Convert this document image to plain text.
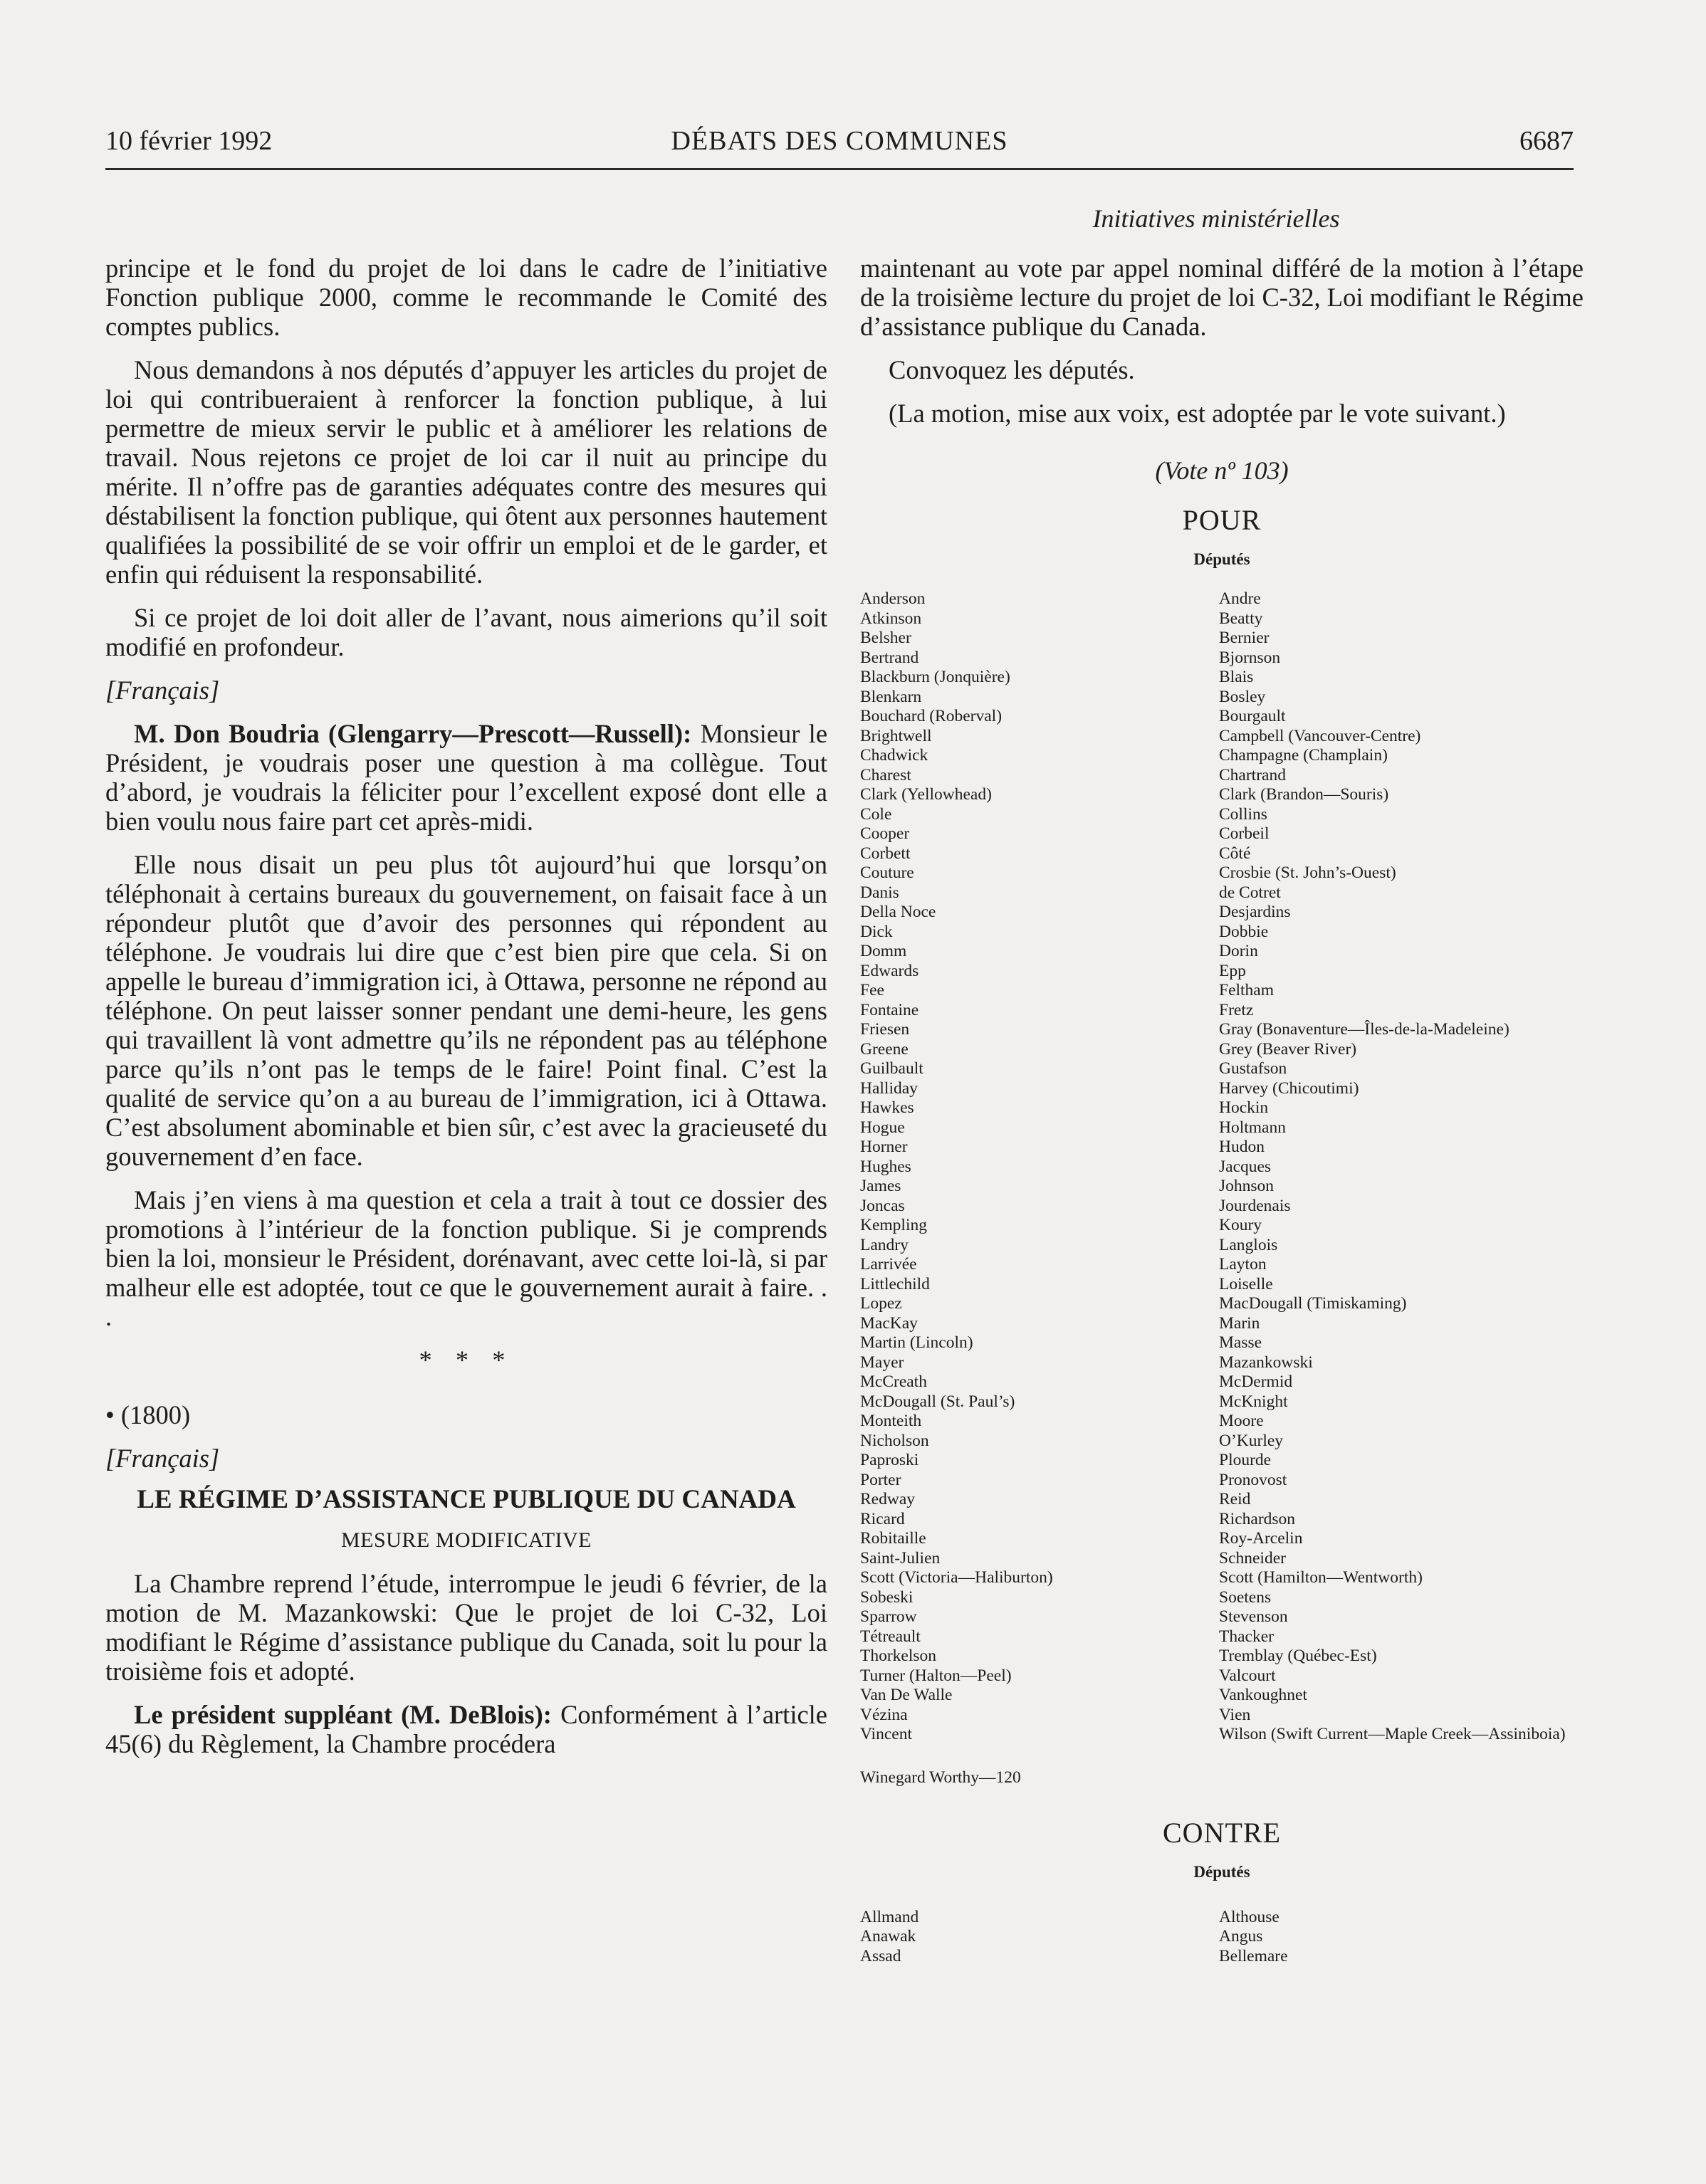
10 février 1992	DÉBATS DES COMMUNES	6687
Initiatives ministérielles

principe et le fond du projet de loi dans le cadre de l’initiative Fonction publique 2000, comme le recommande le Comité des comptes publics.

Nous demandons à nos députés d’appuyer les articles du projet de loi qui contribueraient à renforcer la fonction publique, à lui permettre de mieux servir le public et à améliorer les relations de travail. Nous rejetons ce projet de loi car il nuit au principe du mérite. Il n’offre pas de garanties adéquates contre des mesures qui déstabilisent la fonction publique, qui ôtent aux personnes hautement qualifiées la possibilité de se voir offrir un emploi et de le garder, et enfin qui réduisent la responsabilité.

Si ce projet de loi doit aller de l’avant, nous aimerions qu’il soit modifié en profondeur.

[Français]

M. Don Boudria (Glengarry—Prescott—Russell): Monsieur le Président, je voudrais poser une question à ma collègue. Tout d’abord, je voudrais la féliciter pour l’excellent exposé dont elle a bien voulu nous faire part cet après-midi.

Elle nous disait un peu plus tôt aujourd’hui que lorsqu’on téléphonait à certains bureaux du gouvernement, on faisait face à un répondeur plutôt que d’avoir des personnes qui répondent au téléphone. Je voudrais lui dire que c’est bien pire que cela. Si on appelle le bureau d’immigration ici, à Ottawa, personne ne répond au téléphone. On peut laisser sonner pendant une demi-heure, les gens qui travaillent là vont admettre qu’ils ne répondent pas au téléphone parce qu’ils n’ont pas le temps de le faire! Point final. C’est la qualité de service qu’on a au bureau de l’immigration, ici à Ottawa. C’est absolument abominable et bien sûr, c’est avec la gracieuseté du gouvernement d’en face.

Mais j’en viens à ma question et cela a trait à tout ce dossier des promotions à l’intérieur de la fonction publique. Si je comprends bien la loi, monsieur le Président, dorénavant, avec cette loi-là, si par malheur elle est adoptée, tout ce que le gouvernement aurait à faire. . .

* * *

• (1800)

[Français]

LE RÉGIME D’ASSISTANCE PUBLIQUE DU CANADA
MESURE MODIFICATIVE

La Chambre reprend l’étude, interrompue le jeudi 6 février, de la motion de M. Mazankowski: Que le projet de loi C-32, Loi modifiant le Régime d’assistance publique du Canada, soit lu pour la troisième fois et adopté.

Le président suppléant (M. DeBlois): Conformément à l’article 45(6) du Règlement, la Chambre procédera

maintenant au vote par appel nominal différé de la motion à l’étape de la troisième lecture du projet de loi C-32, Loi modifiant le Régime d’assistance publique du Canada.

Convoquez les députés.

(La motion, mise aux voix, est adoptée par le vote suivant.)

(Vote nº 103)
POUR
Députés
Anderson
Atkinson
Belsher
Bertrand
Blackburn (Jonquière)
Blenkarn
Bouchard (Roberval)
Brightwell
Chadwick
Charest
Clark (Yellowhead)
Cole
Cooper
Corbett
Couture
Danis
Della Noce
Dick
Domm
Edwards
Fee
Fontaine
Friesen
Greene
Guilbault
Halliday
Hawkes
Hogue
Horner
Hughes
James
Joncas
Kempling
Landry
Larrivée
Littlechild
Lopez
MacKay
Martin (Lincoln)
Mayer
McCreath
McDougall (St. Paul’s)
Monteith
Nicholson
Paproski
Porter
Redway
Ricard
Robitaille
Saint-Julien
Scott (Victoria—Haliburton)
Sobeski
Sparrow
Tétreault
Thorkelson
Turner (Halton—Peel)
Van De Walle
Vézina
Vincent
Andre
Beatty
Bernier
Bjornson
Blais
Bosley
Bourgault
Campbell (Vancouver-Centre)
Champagne (Champlain)
Chartrand
Clark (Brandon—Souris)
Collins
Corbeil
Côté
Crosbie (St. John’s-Ouest)
de Cotret
Desjardins
Dobbie
Dorin
Epp
Feltham
Fretz
Gray (Bonaventure—Îles-de-la-Madeleine)
Grey (Beaver River)
Gustafson
Harvey (Chicoutimi)
Hockin
Holtmann
Hudon
Jacques
Johnson
Jourdenais
Koury
Langlois
Layton
Loiselle
MacDougall (Timiskaming)
Marin
Masse
Mazankowski
McDermid
McKnight
Moore
O’Kurley
Plourde
Pronovost
Reid
Richardson
Roy-Arcelin
Schneider
Scott (Hamilton—Wentworth)
Soetens
Stevenson
Thacker
Tremblay (Québec-Est)
Valcourt
Vankoughnet
Vien
Wilson (Swift Current—Maple Creek—Assiniboia)
Winegard Worthy—120
CONTRE
Députés
Allmand
Anawak
Assad
Althouse
Angus
Bellemare
